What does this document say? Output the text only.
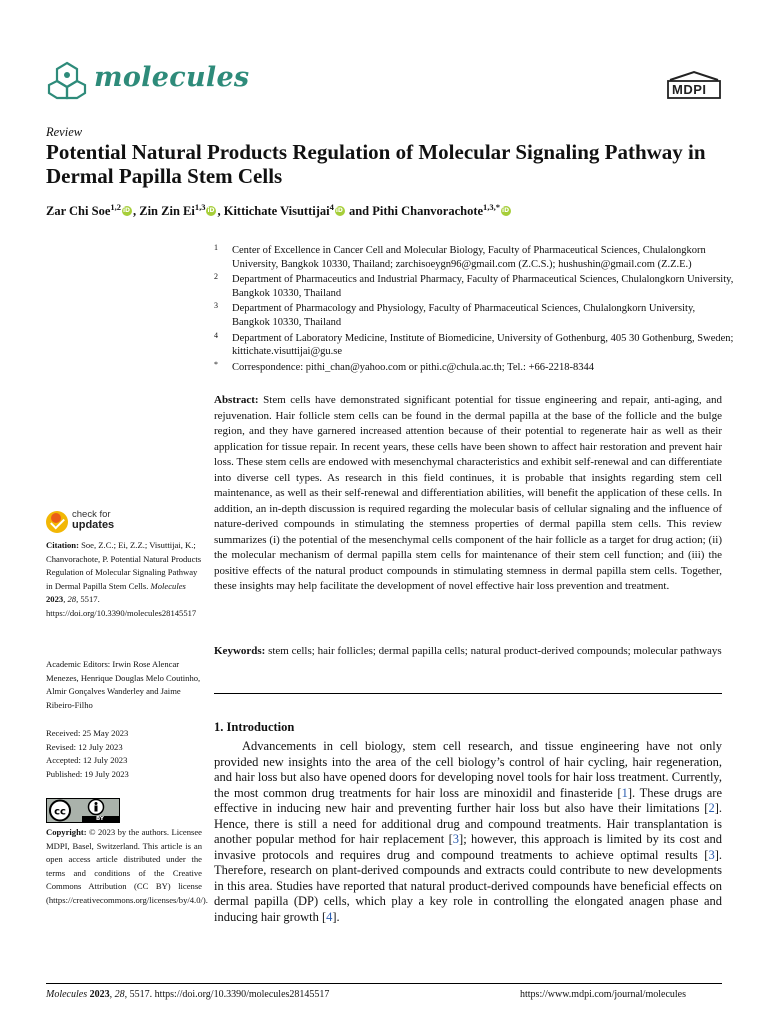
molecules	MDPI
Review
Potential Natural Products Regulation of Molecular Signaling Pathway in Dermal Papilla Stem Cells
Zar Chi Soe$^{1,2}$ iD , Zin Zin Ei$^{1,3}$ iD , Kittichate Visuttijai$^4$iD and Pithi Chanvorachote$^{1,3,*}$iD
1 Center of Excellence in Cancer Cell and Molecular Biology, Faculty of Pharmaceutical Sciences, Chulalongkorn University, Bangkok 10330, Thailand; zarchisoeygn96@gmail.com (Z.C.S.); hushushin@gmail.com (Z.Z.E.)
2 Department of Pharmaceutics and Industrial Pharmacy, Faculty of Pharmaceutical Sciences, Chulalongkorn University, Bangkok 10330, Thailand
3 Department of Pharmacology and Physiology, Faculty of Pharmaceutical Sciences, Chulalongkorn University, Bangkok 10330, Thailand
4 Department of Laboratory Medicine, Institute of Biomedicine, University of Gothenburg, 405 30 Gothenburg, Sweden; kittichate.visuttijai@gu.se
* Correspondence: pithi_chan@yahoo.com or pithi.c@chula.ac.th; Tel.: +66-2218-8344
Abstract: Stem cells have demonstrated significant potential for tissue engineering and repair, anti-aging, and rejuvenation. Hair follicle stem cells can be found in the dermal papilla at the base of the follicle and the bulge region, and they have garnered increased attention because of their potential to regenerate hair as well as their application for tissue repair. In recent years, these cells have been shown to affect hair restoration and prevent hair loss. These stem cells are endowed with mesenchymal characteristics and exhibit self-renewal and can differentiate into diverse cell types. As research in this field continues, it is probable that insights regarding stem cell maintenance, as well as their self-renewal and differentiation abilities, will benefit the application of these cells. In addition, an in-depth discussion is required regarding the molecular basis of cellular signaling and the influence of nature-derived compounds in stimulating the stemness properties of dermal papilla stem cells. This review summarizes (i) the potential of the mesenchymal cells component of the hair follicle as a target for drug action; (ii) the molecular mechanism of dermal papilla stem cells for maintenance of their stem cell function; and (iii) the positive effects of the natural product compounds in stimulating stemness in dermal papilla stem cells. Together, these insights may help facilitate the development of novel effective hair loss prevention and treatment.
Keywords: stem cells; hair follicles; dermal papilla cells; natural product-derived compounds; molecular pathways
check for
updates
Citation: Soe, Z.C.; Ei, Z.Z.; Visuttijai, K.; Chanvorachote, P. Potential Natural Products Regulation of Molecular Signaling Pathway in Dermal Papilla Stem Cells. Molecules 2023, 28, 5517. https://doi.org/10.3390/molecules28145517
Academic Editors: Irwin Rose Alencar Menezes, Henrique Douglas Melo Coutinho, Almir Gonçalves Wanderley and Jaime Ribeiro-Filho
Received: 25 May 2023
Revised: 12 July 2023
Accepted: 12 July 2023
Published: 19 July 2023
cc
BY
Copyright: © 2023 by the authors. Licensee MDPI, Basel, Switzerland. This article is an open access article distributed under the terms and conditions of the Creative Commons Attribution (CC BY) license (https://creativecommons.org/licenses/by/4.0/).
1. Introduction
Advancements in cell biology, stem cell research, and tissue engineering have not only provided new insights into the area of the cell biology’s control of hair cycling, hair regeneration, and hair loss but also have opened doors for developing novel tools for hair loss treatment. Currently, the most common drug treatments for hair loss are minoxidil and finasteride [1]. These drugs are effective in inducing new hair and preventing further hair loss but also have their limitations [2]. Hence, there is still a need for additional drug and compound treatments. Hair transplantation is another popular method for hair replacement [3]; however, this approach is limited by its cost and invasive protocols and requires drug and compound treatments to achieve optimal results [3]. Therefore, research on plant-derived compounds and extracts could contribute to new developments in this area. Studies have reported that natural product-derived compounds have beneficial effects on dermal papilla (DP) cells, which play a key role in controlling the elongated anagen phase and inducing hair growth [4].
Molecules 2023, 28, 5517. https://doi.org/10.3390/molecules28145517	https://www.mdpi.com/journal/molecules
